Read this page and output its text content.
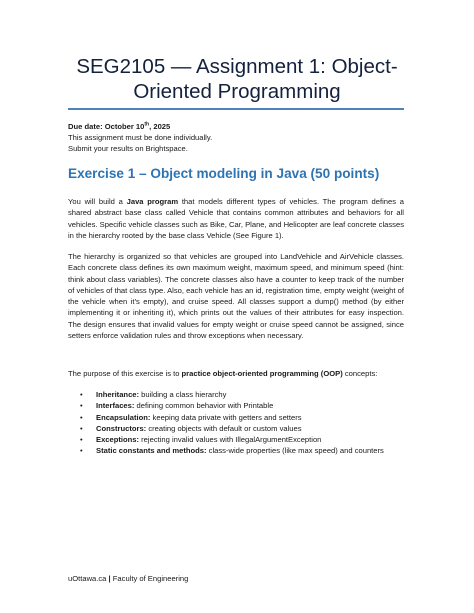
SEG2105 — Assignment 1: Object-
Oriented Programming
Due date: October 10th, 2025
This assignment must be done individually.
Submit your results on Brightspace.
Exercise 1 – Object modeling in Java (50 points)
You will build a Java program that models different types of vehicles. The program defines a shared abstract base class called Vehicle that contains common attributes and behaviors for all vehicles. Specific vehicle classes such as Bike, Car, Plane, and Helicopter are leaf concrete classes in the hierarchy rooted by the base class Vehicle (See Figure 1).
The hierarchy is organized so that vehicles are grouped into LandVehicle and AirVehicle classes. Each concrete class defines its own maximum weight, maximum speed, and minimum speed (hint: think about class variables). The concrete classes also have a counter to keep track of the number of vehicles of that class type. Also, each vehicle has an id, registration time, empty weight (weight of the vehicle when it’s empty), and cruise speed. All classes support a dump() method (by either implementing it or inheriting it), which prints out the values of their attributes for easy inspection. The design ensures that invalid values for empty weight or cruise speed cannot be assigned, since setters enforce validation rules and throw exceptions when necessary.
The purpose of this exercise is to practice object-oriented programming (OOP) concepts:
• Inheritance: building a class hierarchy
• Interfaces: defining common behavior with Printable
• Encapsulation: keeping data private with getters and setters
• Constructors: creating objects with default or custom values
• Exceptions: rejecting invalid values with IllegalArgumentException
• Static constants and methods: class-wide properties (like max speed) and counters
uOttawa.ca | Faculty of Engineering
